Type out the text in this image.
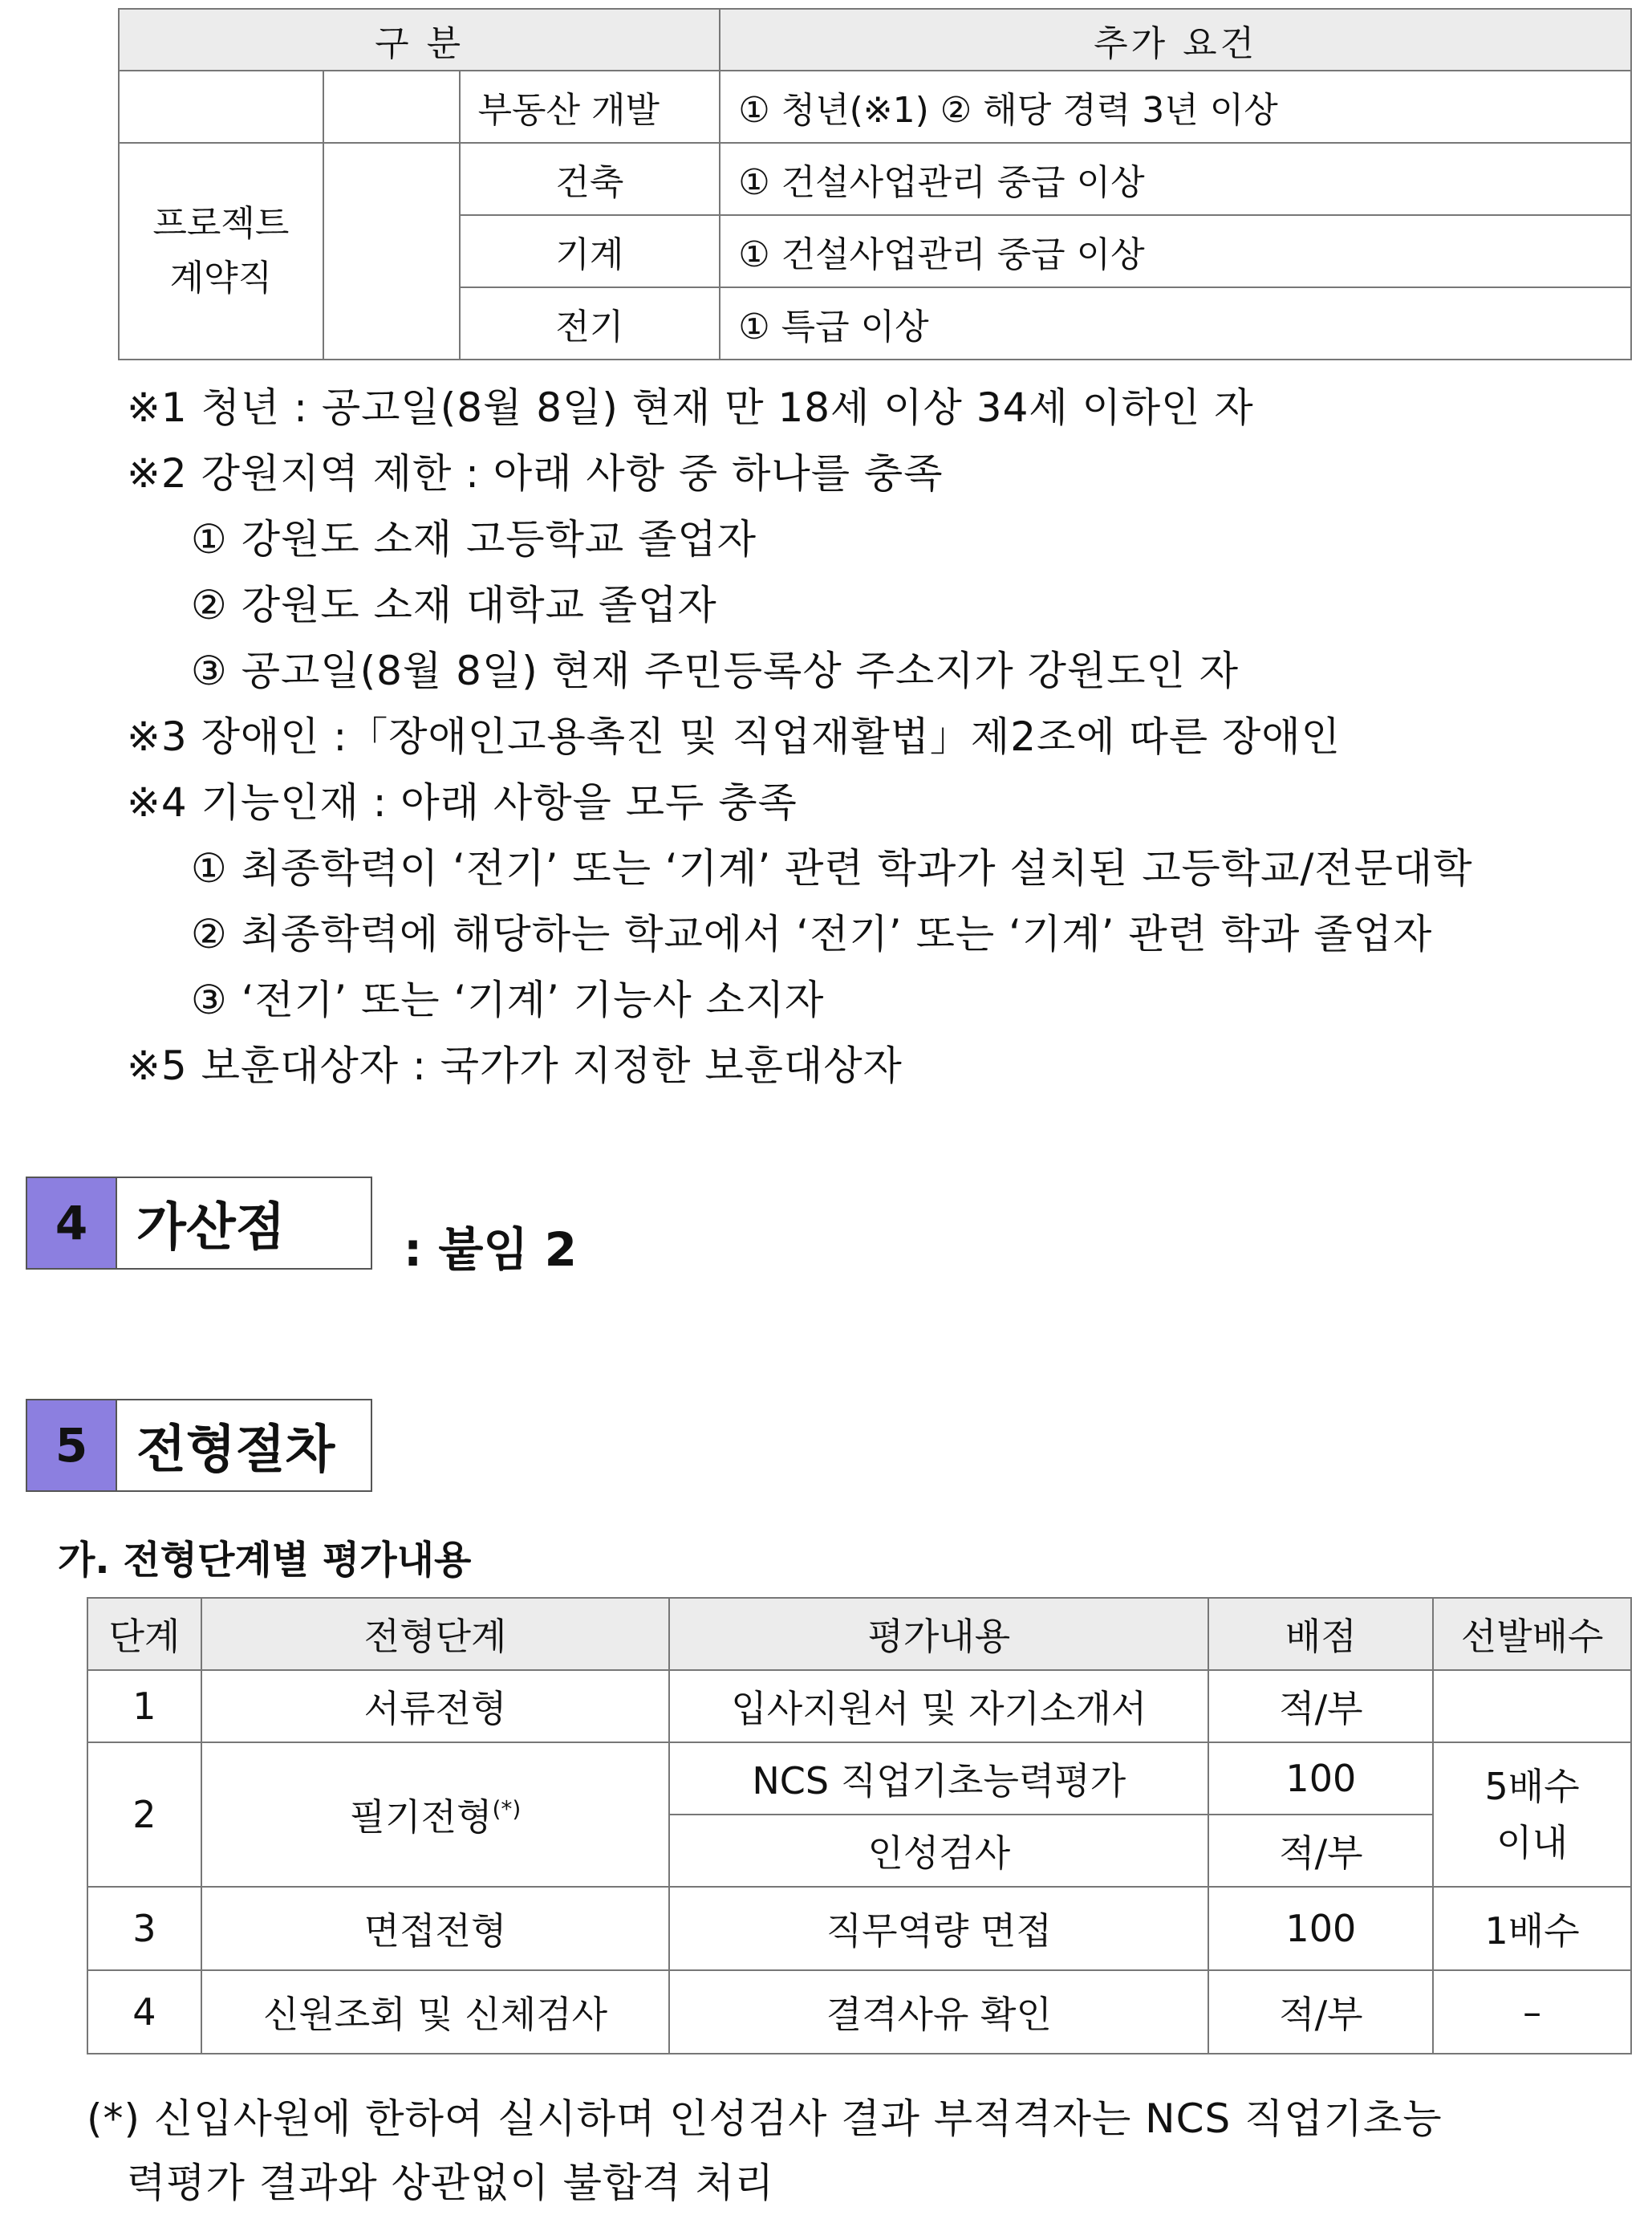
구 분			추가 요건
		부동산 개발	① 청년(※1) ② 해당 경력 3년 이상
프로젝트
계약직		건축	① 건설사업관리 중급 이상
		기계	① 건설사업관리 중급 이상
		전기	① 특급 이상
※1 청년 : 공고일(8월 8일) 현재 만 18세 이상 34세 이하인 자
※2 강원지역 제한 : 아래 사항 중 하나를 충족
① 강원도 소재 고등학교 졸업자
② 강원도 소재 대학교 졸업자
③ 공고일(8월 8일) 현재 주민등록상 주소지가 강원도인 자
※3 장애인 :「장애인고용촉진 및 직업재활법」제2조에 따른 장애인
※4 기능인재 : 아래 사항을 모두 충족
① 최종학력이 ‘전기’ 또는 ‘기계’ 관련 학과가 설치된 고등학교/전문대학
② 최종학력에 해당하는 학교에서 ‘전기’ 또는 ‘기계’ 관련 학과 졸업자
③ ‘전기’ 또는 ‘기계’ 기능사 소지자
※5 보훈대상자 : 국가가 지정한 보훈대상자
4 가산점	: 붙임 2
5 전형절차
가. 전형단계별 평가내용
단계	전형단계	평가내용	배점	선발배수
1	서류전형	입사지원서 및 자기소개서	적/부	
2	필기전형(*)	NCS 직업기초능력평가	100	5배수
이내
		인성검사	적/부	
3	면접전형	직무역량 면접	100	1배수
4	신원조회 및 신체검사	결격사유 확인	적/부	–
(*) 신입사원에 한하여 실시하며 인성검사 결과 부적격자는 NCS 직업기초능
력평가 결과와 상관없이 불합격 처리
